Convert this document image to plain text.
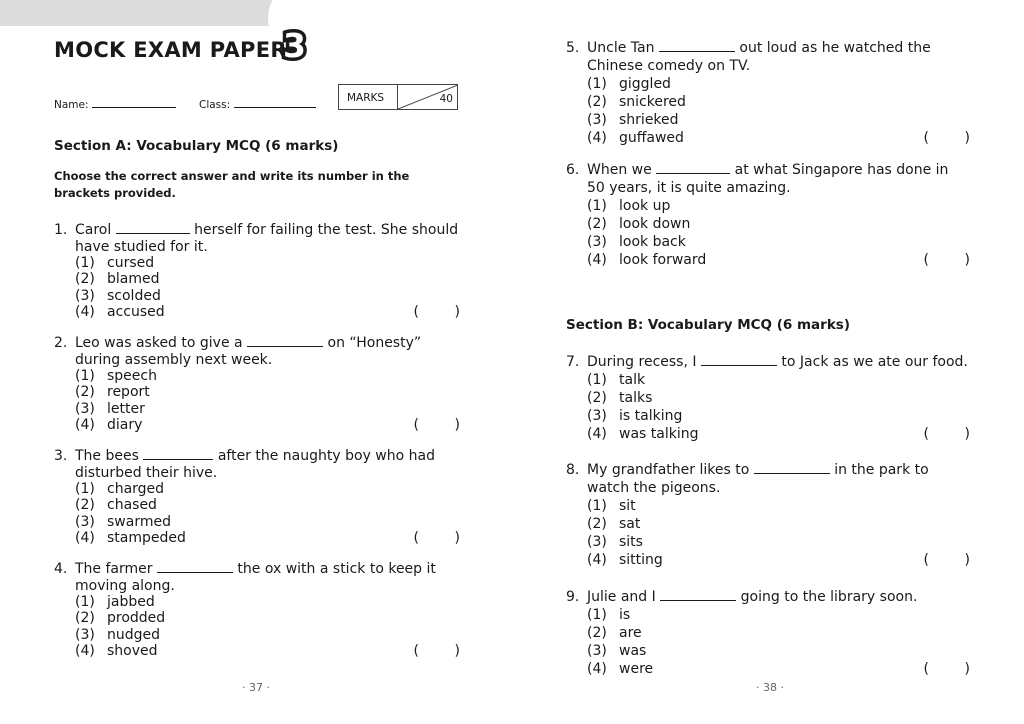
MOCK EXAM PAPER
3
Name:	Class:
MARKS	40
Section A: Vocabulary MCQ (6 marks)

Choose the correct answer and write its number in the brackets provided.

1. Carol	herself for failing the test. She should have studied for it.
(1) cursed
(2) blamed
(3) scolded
(4) accused	(        )
2. Leo was asked to give a	on “Honesty” during assembly next week.
(1) speech
(2) report
(3) letter
(4) diary	(        )
3. The bees	after the naughty boy who had disturbed their hive.
(1) charged
(2) chased
(3) swarmed
(4) stampeded	(        )
4. The farmer	the ox with a stick to keep it moving along.
(1) jabbed
(2) prodded
(3) nudged
(4) shoved	(        )
· 37 ·
5. Uncle Tan	out loud as he watched the Chinese comedy on TV.
(1) giggled
(2) snickered
(3) shrieked
(4) guffawed	(        )
6. When we	at what Singapore has done in 50 years, it is quite amazing.
(1) look up
(2) look down
(3) look back
(4) look forward	(        )
Section B: Vocabulary MCQ (6 marks)
7. During recess, I	to Jack as we ate our food.
(1) talk
(2) talks
(3) is talking
(4) was talking	(        )
8. My grandfather likes to	in the park to watch the pigeons.
(1) sit
(2) sat
(3) sits
(4) sitting	(        )
9. Julie and I	going to the library soon.
(1) is
(2) are
(3) was
(4) were	(        )
· 38 ·
